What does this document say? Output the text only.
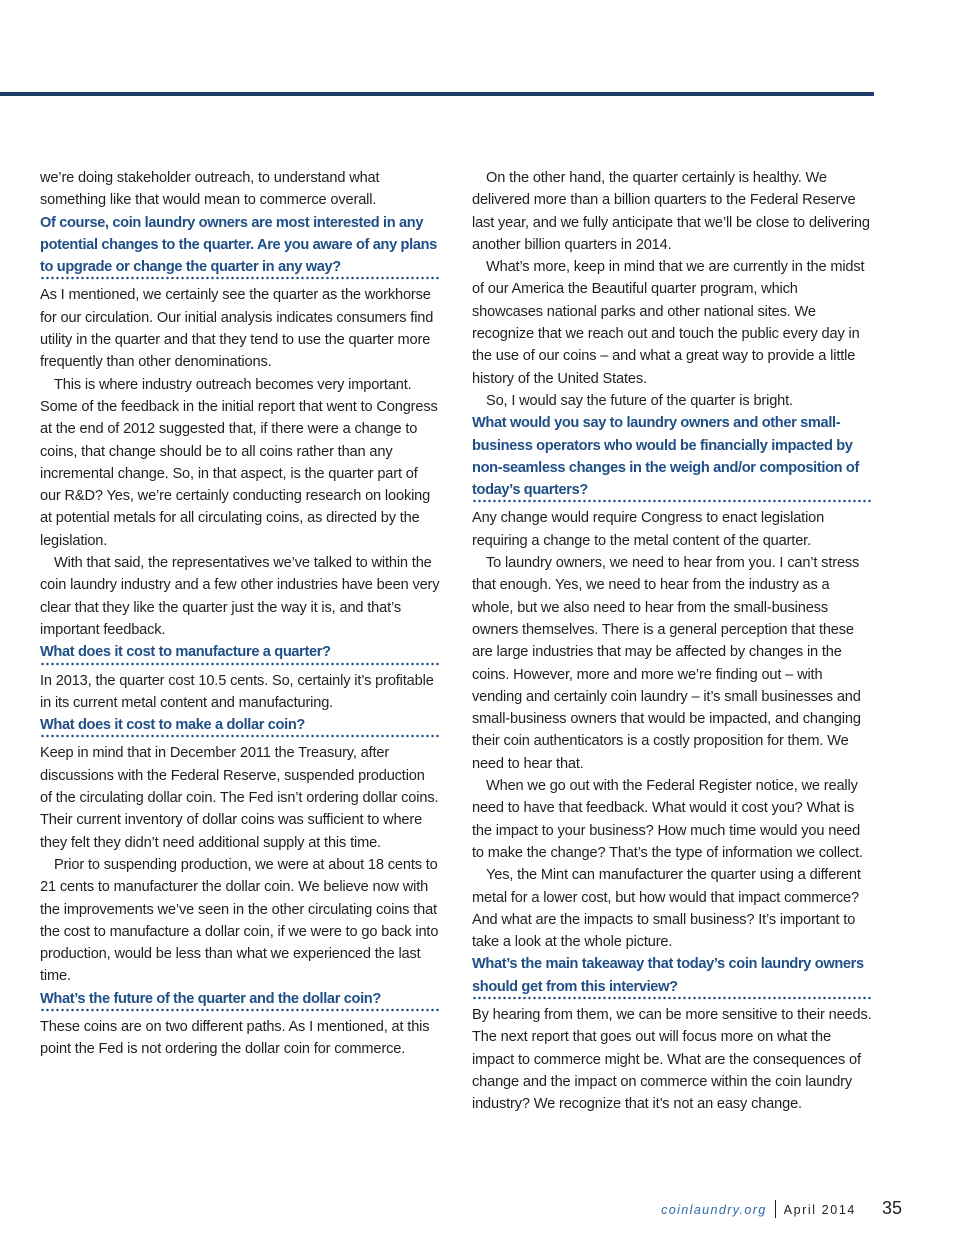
we’re doing stakeholder outreach, to understand what something like that would mean to commerce overall.

Of course, coin laundry owners are most interested in any potential changes to the quarter. Are you aware of any plans to upgrade or change the quarter in any way?

As I mentioned, we certainly see the quarter as the workhorse for our circulation. Our initial analysis indicates consumers find utility in the quarter and that they tend to use the quarter more frequently than other denominations.

This is where industry outreach becomes very important. Some of the feedback in the initial report that went to Congress at the end of 2012 suggested that, if there were a change to coins, that change should be to all coins rather than any incremental change. So, in that aspect, is the quarter part of our R&D? Yes, we’re certainly conducting research on looking at potential metals for all circulating coins, as directed by the legislation.

With that said, the representatives we’ve talked to within the coin laundry industry and a few other industries have been very clear that they like the quarter just the way it is, and that’s important feedback.

What does it cost to manufacture a quarter?

In 2013, the quarter cost 10.5 cents. So, certainly it’s profitable in its current metal content and manufacturing.

What does it cost to make a dollar coin?

Keep in mind that in December 2011 the Treasury, after discussions with the Federal Reserve, suspended production of the circulating dollar coin. The Fed isn’t ordering dollar coins. Their current inventory of dollar coins was sufficient to where they felt they didn’t need additional supply at this time.

Prior to suspending production, we were at about 18 cents to 21 cents to manufacturer the dollar coin. We believe now with the improvements we’ve seen in the other circulating coins that the cost to manufacture a dollar coin, if we were to go back into production, would be less than what we experienced the last time.

What’s the future of the quarter and the dollar coin?

These coins are on two different paths. As I mentioned, at this point the Fed is not ordering the dollar coin for commerce.

On the other hand, the quarter certainly is healthy. We delivered more than a billion quarters to the Federal Reserve last year, and we fully anticipate that we’ll be close to delivering another billion quarters in 2014.

What’s more, keep in mind that we are currently in the midst of our America the Beautiful quarter program, which showcases national parks and other national sites. We recognize that we reach out and touch the public every day in the use of our coins – and what a great way to provide a little history of the United States.

So, I would say the future of the quarter is bright.

What would you say to laundry owners and other small-business operators who would be financially impacted by non-seamless changes in the weigh and/or composition of today’s quarters?

Any change would require Congress to enact legislation requiring a change to the metal content of the quarter.

To laundry owners, we need to hear from you. I can’t stress that enough. Yes, we need to hear from the industry as a whole, but we also need to hear from the small-business owners themselves. There is a general perception that these are large industries that may be affected by changes in the coins. However, more and more we’re finding out – with vending and certainly coin laundry – it’s small businesses and small-business owners that would be impacted, and changing their coin authenticators is a costly proposition for them. We need to hear that.

When we go out with the Federal Register notice, we really need to have that feedback. What would it cost you? What is the impact to your business? How much time would you need to make the change? That’s the type of information we collect.

Yes, the Mint can manufacturer the quarter using a different metal for a lower cost, but how would that impact commerce? And what are the impacts to small business? It’s important to take a look at the whole picture.

What’s the main takeaway that today’s coin laundry owners should get from this interview?

By hearing from them, we can be more sensitive to their needs. The next report that goes out will focus more on what the impact to commerce might be. What are the consequences of change and the impact on commerce within the coin laundry industry? We recognize that it’s not an easy change.

coinlaundry.org April 2014 35
